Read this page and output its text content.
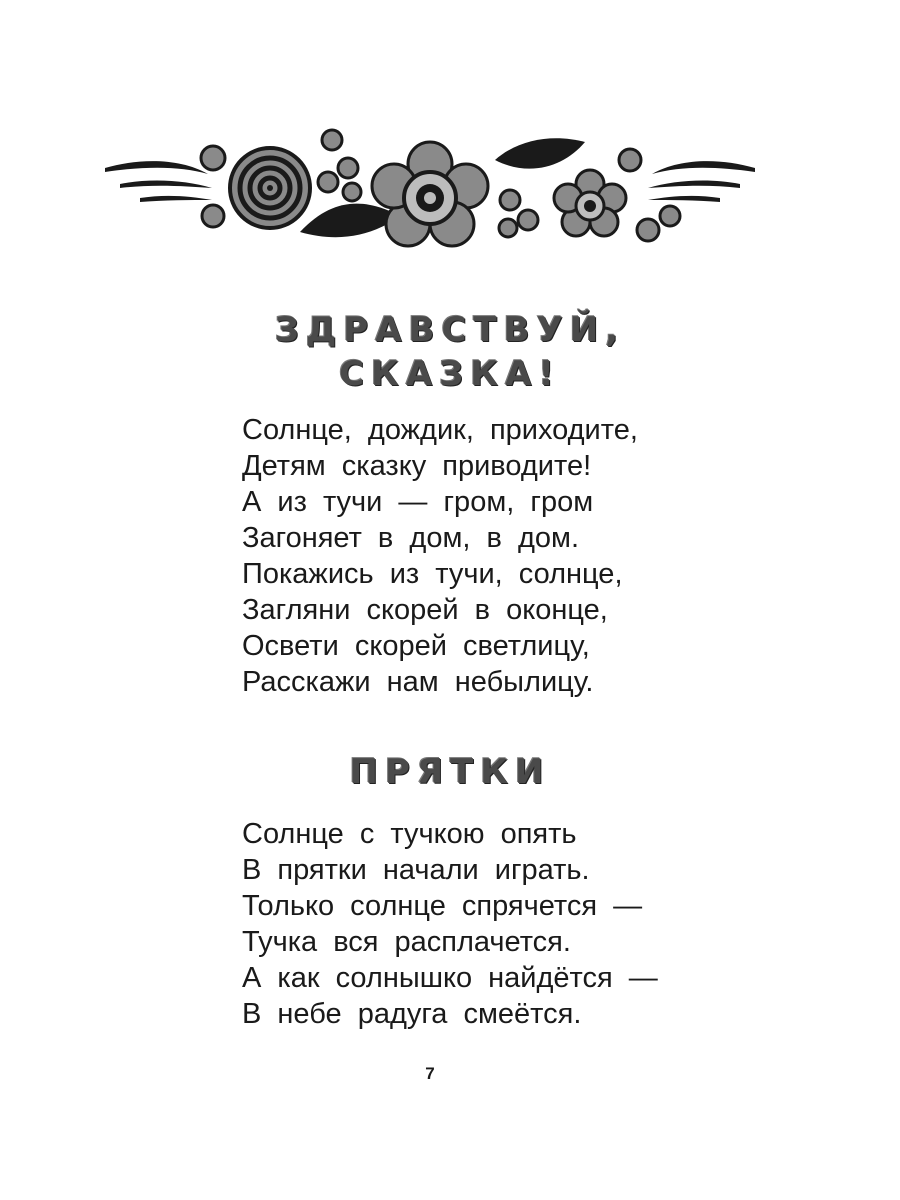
ЗДРАВСТВУЙ,
СКАЗКА!
Солнце, дождик, приходите,
Детям сказку приводите!
А из тучи — гром, гром
Загоняет в дом, в дом.
Покажись из тучи, солнце,
Загляни скорей в оконце,
Освети скорей светлицу,
Расскажи нам небылицу.
ПРЯТКИ
Солнце с тучкою опять
В прятки начали играть.
Только солнце спрячется —
Тучка вся расплачется.
А как солнышко найдётся —
В небе радуга смеётся.
7
